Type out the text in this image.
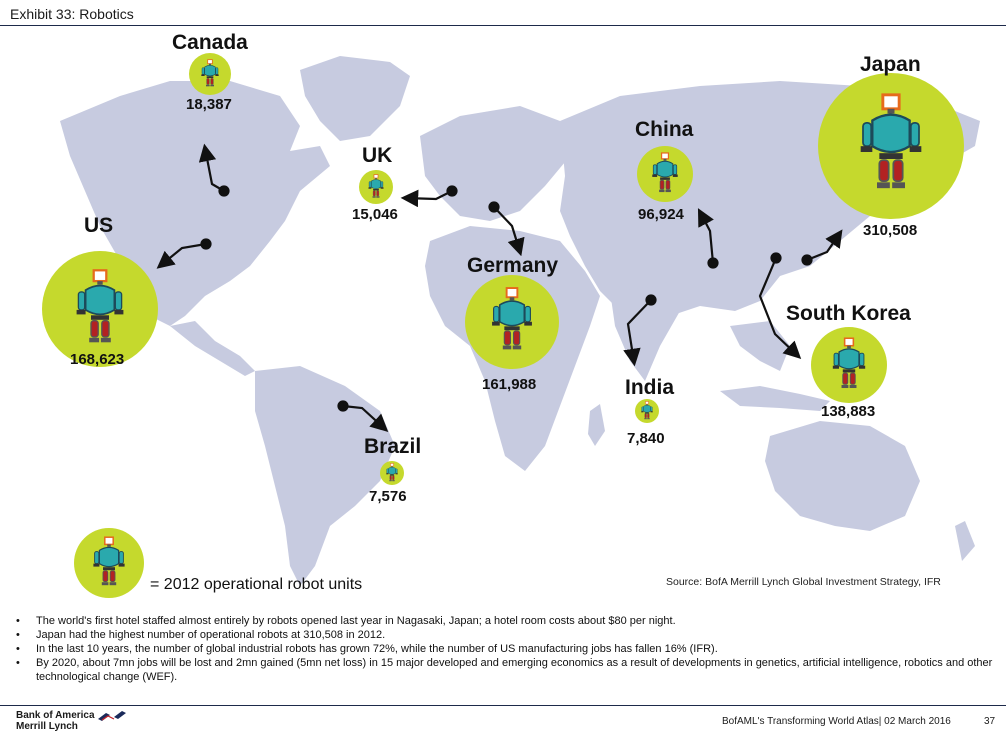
Exhibit 33: Robotics
Canada
18,387
UK
15,046
US
168,623
China
96,924
Japan
310,508
Germany
161,988
South Korea
138,883
India
7,840
Brazil
7,576
= 2012 operational robot units	Source: BofA Merrill Lynch Global Investment Strategy, IFR
• The world's first hotel staffed almost entirely by robots opened last year in Nagasaki, Japan; a hotel room costs about $80 per night.
• Japan had the highest number of operational robots at 310,508 in 2012.
• In the last 10 years, the number of global industrial robots has grown 72%, while the number of US manufacturing jobs has fallen 16% (IFR).
• By 2020, about 7mn jobs will be lost and 2mn gained (5mn net loss) in 15 major developed and emerging economics as a result of developments in genetics, artificial intelligence, robotics and other technological change (WEF).
Bank of America
Merrill Lynch	BofAML's Transforming World Atlas| 02 March 2016	37
